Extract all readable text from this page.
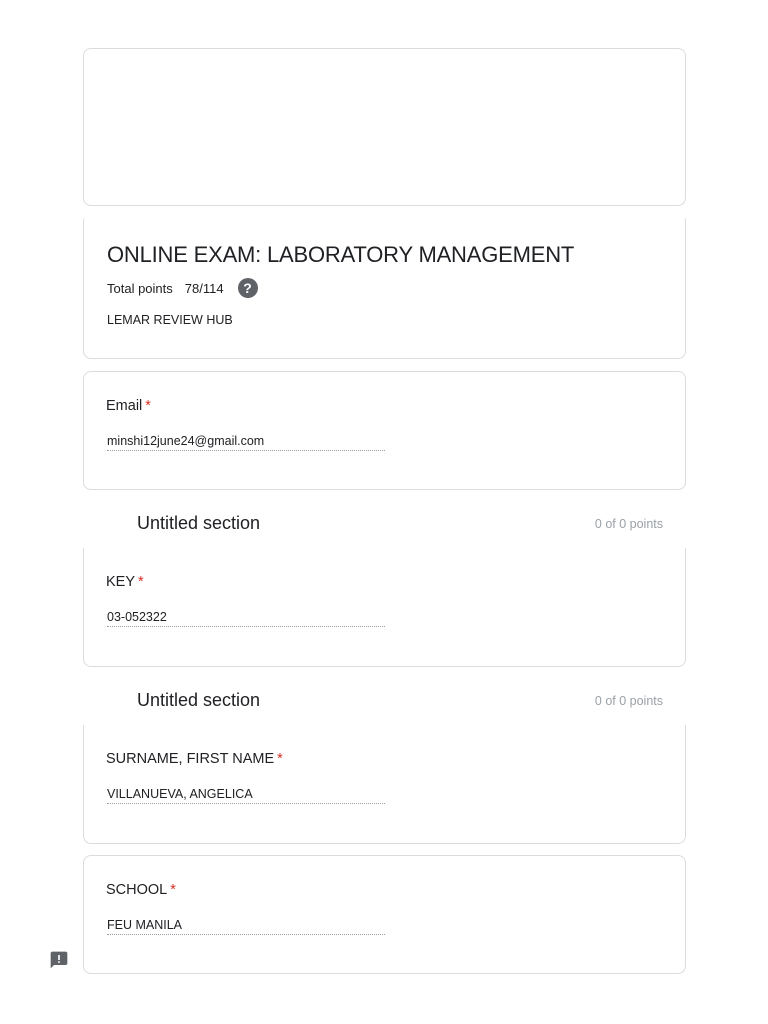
ONLINE EXAM: LABORATORY MANAGEMENT
Total points 78/114	?
LEMAR REVIEW HUB
Email *
minshi12june24@gmail.com
Untitled section	0 of 0 points
KEY *
03-052322
Untitled section	0 of 0 points
SURNAME, FIRST NAME *
VILLANUEVA, ANGELICA
SCHOOL *
FEU MANILA
